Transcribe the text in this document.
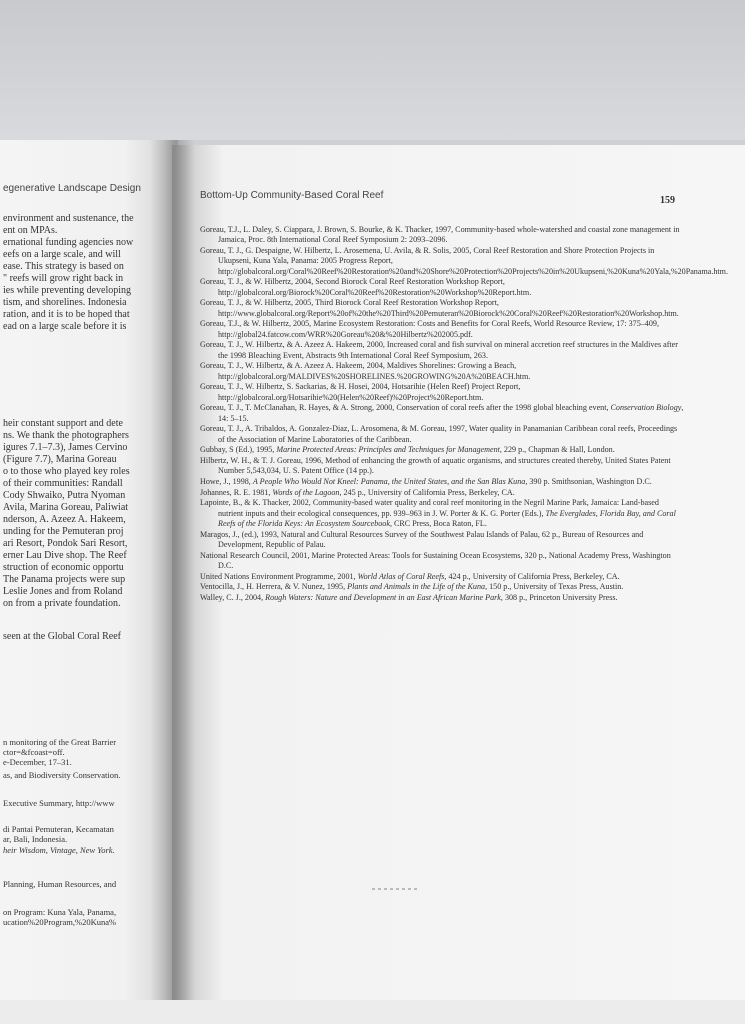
egenerative Landscape Design
environment and sustenance, the
ent on MPAs.
ernational funding agencies now
eefs on a large scale, and will
ease. This strategy is based on
" reefs will grow right back in
ies while preventing developing
tism, and shorelines. Indonesia
ration, and it is to be hoped that
ead on a large scale before it is
heir constant support and dete
ns. We thank the photographers
igures 7.1–7.3), James Cervino
(Figure 7.7), Marina Goreau
o to those who played key roles
of their communities: Randall
Cody Shwaiko, Putra Nyoman
Avila, Marina Goreau, Paliwiat
nderson, A. Azeez A. Hakeem,
unding for the Pemuteran proj
ari Resort, Pondok Sari Resort,
erner Lau Dive shop. The Reef
struction of economic opportu
The Panama projects were sup
Leslie Jones and from Roland
on from a private foundation.
seen at the Global Coral Reef
n monitoring of the Great Barrier
ctor=&fcoast=off.
e-December, 17–31.
as, and Biodiversity Conservation.
Executive Summary, http://www
di Pantai Pemuteran, Kecamatan
ar, Bali, Indonesia.
heir Wisdom, Vintage, New York.
Planning, Human Resources, and
on Program: Kuna Yala, Panama,
ucation%20Program,%20Kuna%
Bottom-Up Community-Based Coral Reef	159
Goreau, T.J., L. Daley, S. Ciappara, J. Brown, S. Bourke, & K. Thacker, 1997, Community-based whole-watershed and coastal zone management in Jamaica, Proc. 8th International Coral Reef Symposium 2: 2093–2096.
Goreau, T. J., G. Despaigne, W. Hilbertz, L. Arosemena, U. Avila, & R. Solis, 2005, Coral Reef Restoration and Shore Protection Projects in Ukupseni, Kuna Yala, Panama: 2005 Progress Report, http://globalcoral.org/Coral%20Reef%20Restoration%20and%20Shore%20Protection%20Projects%20in%20Ukupseni,%20Kuna%20Yala,%20Panama.htm.
Goreau, T. J., & W. Hilbertz, 2004, Second Biorock Coral Reef Restoration Workshop Report, http://globalcoral.org/Biorock%20Coral%20Reef%20Restoration%20Workshop%20Report.htm.
Goreau, T. J., & W. Hilbertz, 2005, Third Biorock Coral Reef Restoration Workshop Report, http://www.globalcoral.org/Report%20of%20the%20Third%20Pemuteran%20Biorock%20Coral%20Reef%20Restoration%20Workshop.htm.
Goreau, T.J., & W. Hilbertz, 2005, Marine Ecosystem Restoration: Costs and Benefits for Coral Reefs, World Resource Review, 17: 375–409, http://global24.fatcow.com/WRR%20Goreau%20&%20Hilbertz%202005.pdf.
Goreau, T. J., W. Hilbertz, & A. Azeez A. Hakeem, 2000, Increased coral and fish survival on mineral accretion reef structures in the Maldives after the 1998 Bleaching Event, Abstracts 9th International Coral Reef Symposium, 263.
Goreau, T. J., W. Hilbertz, & A. Azeez A. Hakeem, 2004, Maldives Shorelines: Growing a Beach, http://globalcoral.org/MALDIVES%20SHORELINES.%20GROWING%20A%20BEACH.htm.
Goreau, T. J., W. Hilbertz, S. Sackarias, & H. Hosei, 2004, Hotsarihie (Helen Reef) Project Report, http://globalcoral.org/Hotsarihie%20(Helen%20Reef)%20Project%20Report.htm.
Goreau, T. J., T. McClanahan, R. Hayes, & A. Strong, 2000, Conservation of coral reefs after the 1998 global bleaching event, Conservation Biology, 14: 5–15.
Goreau, T. J., A. Tribaldos, A. Gonzalez-Diaz, L. Arosomena, & M. Goreau, 1997, Water quality in Panamanian Caribbean coral reefs, Proceedings of the Association of Marine Laboratories of the Caribbean.
Gubbay, S (Ed.), 1995, Marine Protected Areas: Principles and Techniques for Management, 229 p., Chapman & Hall, London.
Hilbertz, W. H., & T. J. Goreau, 1996, Method of enhancing the growth of aquatic organisms, and structures created thereby, United States Patent Number 5,543,034, U. S. Patent Office (14 pp.).
Howe, J., 1998, A People Who Would Not Kneel: Panama, the United States, and the San Blas Kuna, 390 p. Smithsonian, Washington D.C.
Johannes, R. E. 1981, Words of the Lagoon, 245 p., University of California Press, Berkeley, CA.
Lapointe, B., & K. Thacker, 2002, Community-based water quality and coral reef monitoring in the Negril Marine Park, Jamaica: Land-based nutrient inputs and their ecological consequences, pp. 939–963 in J. W. Porter & K. G. Porter (Eds.), The Everglades, Florida Bay, and Coral Reefs of the Florida Keys: An Ecosystem Sourcebook, CRC Press, Boca Raton, FL.
Maragos, J., (ed.), 1993, Natural and Cultural Resources Survey of the Southwest Palau Islands of Palau, 62 p., Bureau of Resources and Development, Republic of Palau.
National Research Council, 2001, Marine Protected Areas: Tools for Sustaining Ocean Ecosystems, 320 p., National Academy Press, Washington D.C.
United Nations Environment Programme, 2001, World Atlas of Coral Reefs, 424 p., University of California Press, Berkeley, CA.
Ventocilla, J., H. Herrera, & V. Nunez, 1995, Plants and Animals in the Life of the Kuna, 150 p., University of Texas Press, Austin.
Walley, C. J., 2004, Rough Waters: Nature and Development in an East African Marine Park, 308 p., Princeton University Press.
